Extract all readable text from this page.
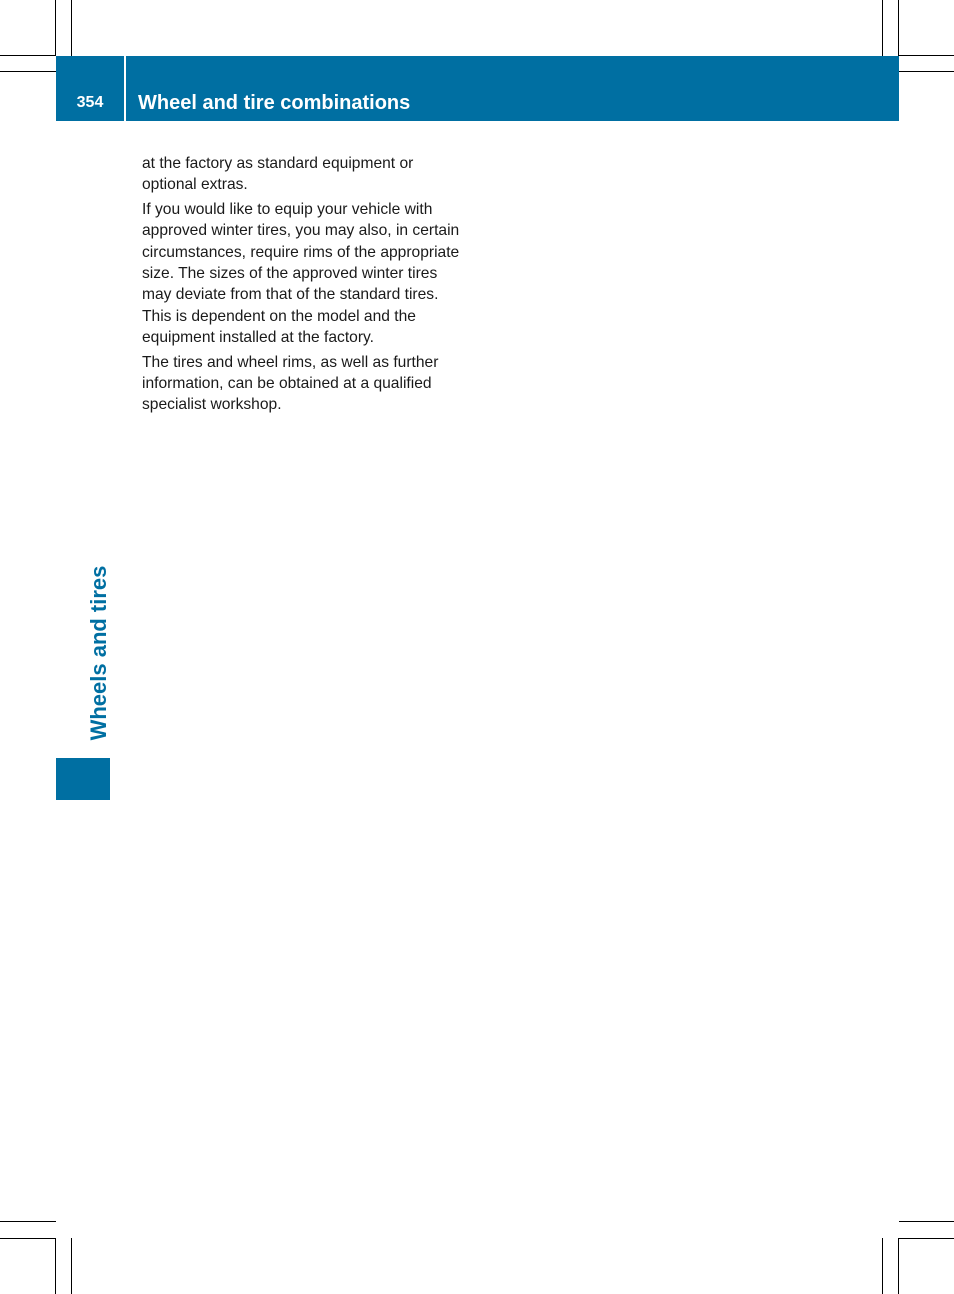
354	Wheel and tire combinations

at the factory as standard equipment or optional extras.

If you would like to equip your vehicle with approved winter tires, you may also, in certain circumstances, require rims of the appropriate size. The sizes of the approved winter tires may deviate from that of the standard tires. This is dependent on the model and the equipment installed at the factory.

The tires and wheel rims, as well as further information, can be obtained at a qualified specialist workshop.

Wheels and tires
